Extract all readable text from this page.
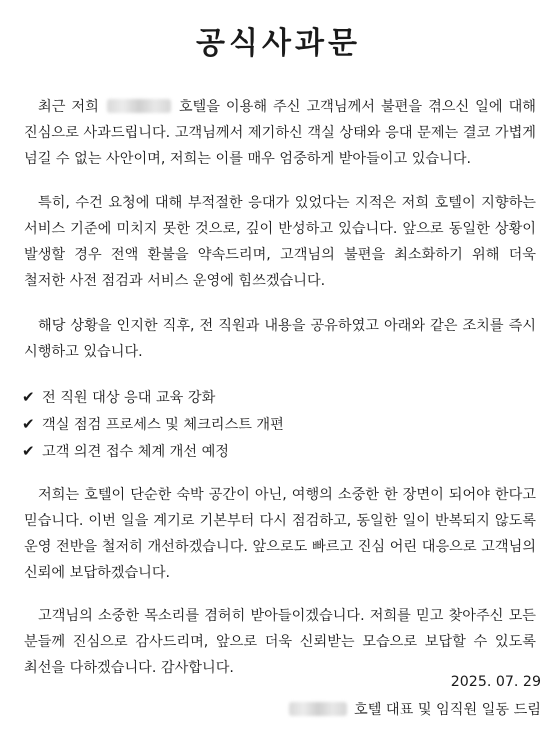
공식사과문

최근 저희	호텔을 이용해 주신 고객님께서 불편을 겪으신 일에 대해 진심으로 사과드립니다. 고객님께서 제기하신 객실 상태와 응대 문제는 결코 가볍게 넘길 수 없는 사안이며, 저희는 이를 매우 엄중하게 받아들이고 있습니다.

특히, 수건 요청에 대해 부적절한 응대가 있었다는 지적은 저희 호텔이 지향하는 서비스 기준에 미치지 못한 것으로, 깊이 반성하고 있습니다. 앞으로 동일한 상황이 발생할 경우 전액 환불을 약속드리며, 고객님의 불편을 최소화하기 위해 더욱 철저한 사전 점검과 서비스 운영에 힘쓰겠습니다.

해당 상황을 인지한 직후, 전 직원과 내용을 공유하였고 아래와 같은 조치를 즉시 시행하고 있습니다.

✔ 전 직원 대상 응대 교육 강화
✔ 객실 점검 프로세스 및 체크리스트 개편
✔ 고객 의견 접수 체계 개선 예정

저희는 호텔이 단순한 숙박 공간이 아닌, 여행의 소중한 한 장면이 되어야 한다고 믿습니다. 이번 일을 계기로 기본부터 다시 점검하고, 동일한 일이 반복되지 않도록 운영 전반을 철저히 개선하겠습니다. 앞으로도 빠르고 진심 어린 대응으로 고객님의 신뢰에 보답하겠습니다.

고객님의 소중한 목소리를 겸허히 받아들이겠습니다. 저희를 믿고 찾아주신 모든 분들께 진심으로 감사드리며, 앞으로 더욱 신뢰받는 모습으로 보답할 수 있도록 최선을 다하겠습니다. 감사합니다.

2025. 07. 29
호텔 대표 및 임직원 일동 드림
